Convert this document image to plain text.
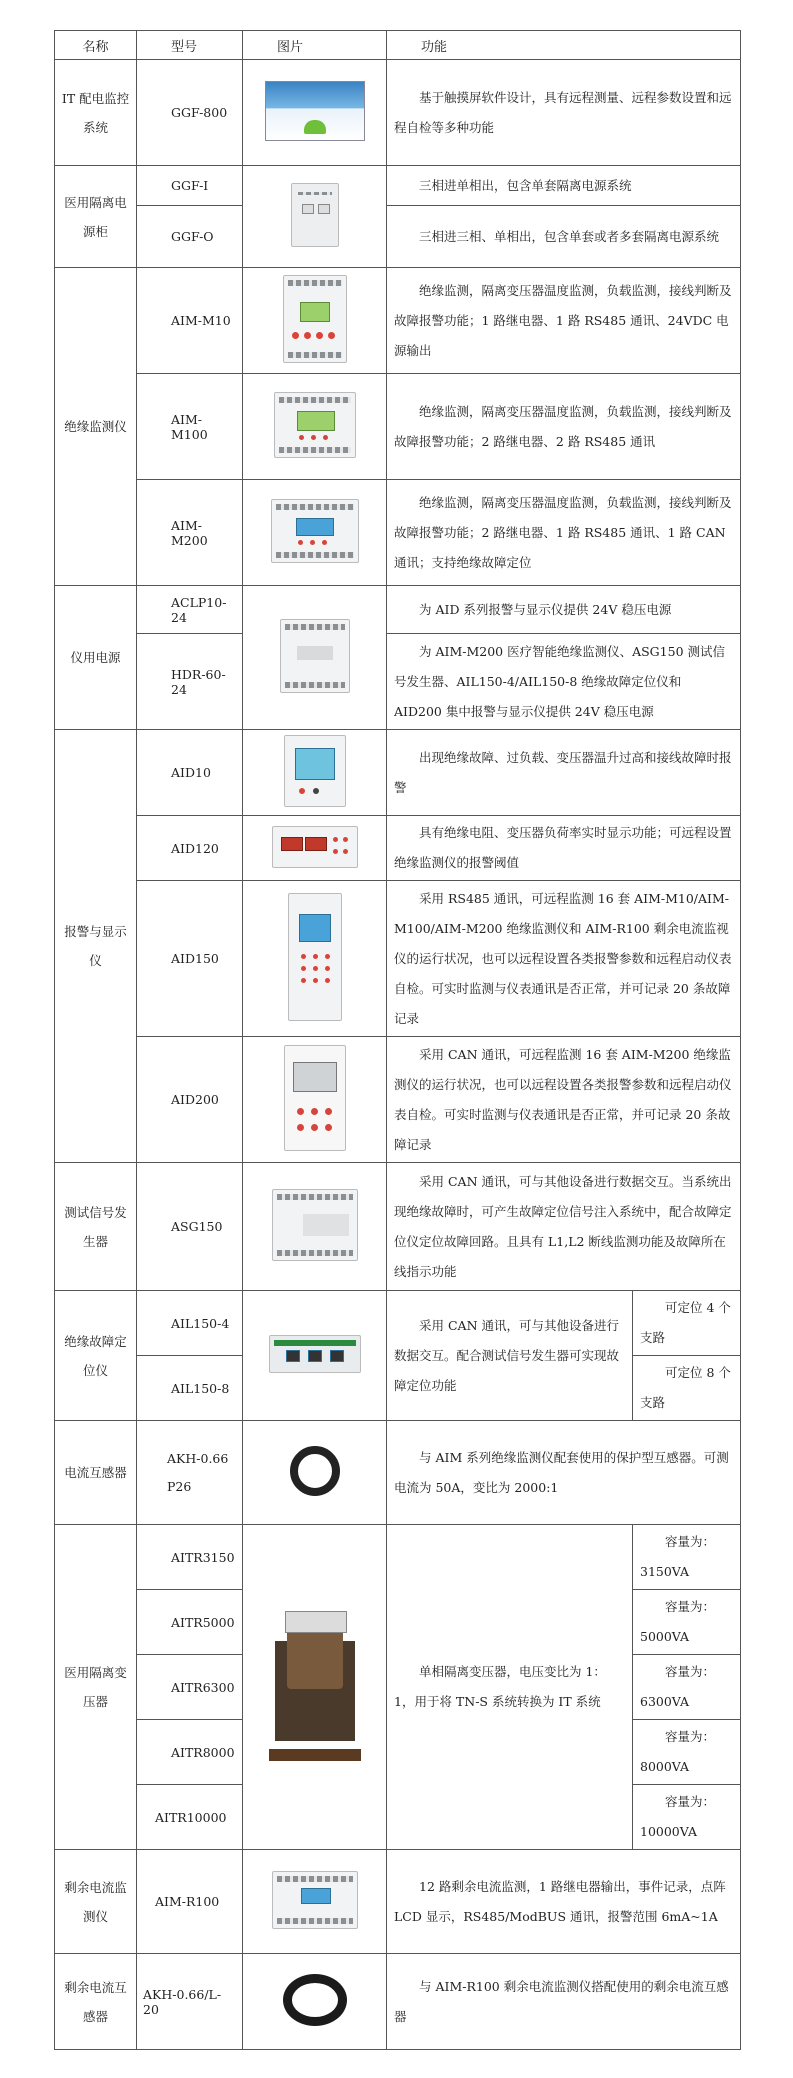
名称	型号	图片	功能	
IT 配电监控系统	GGF-800		基于触摸屏软件设计，具有远程测量、远程参数设置和远程自检等多种功能	
医用隔离电源柜	GGF-I		三相进单相出，包含单套隔离电源系统	
	GGF-O		三相进三相、单相出，包含单套或者多套隔离电源系统	
绝缘监测仪	AIM-M10		绝缘监测，隔离变压器温度监测，负载监测，接线判断及故障报警功能；1 路继电器、1 路 RS485 通讯、24VDC 电源输出	
	AIM-M100		绝缘监测，隔离变压器温度监测，负载监测，接线判断及故障报警功能；2 路继电器、2 路 RS485 通讯	
	AIM-M200		绝缘监测，隔离变压器温度监测，负载监测，接线判断及故障报警功能；2 路继电器、1 路 RS485 通讯、1 路 CAN 通讯；支持绝缘故障定位	
仪用电源	ACLP10-24		为 AID 系列报警与显示仪提供 24V 稳压电源	
	HDR-60-24		为 AIM-M200 医疗智能绝缘监测仪、ASG150 测试信号发生器、AIL150-4/AIL150-8 绝缘故障定位仪和 AID200 集中报警与显示仪提供 24V 稳压电源	
报警与显示仪	AID10		出现绝缘故障、过负载、变压器温升过高和接线故障时报警	
	AID120		具有绝缘电阻、变压器负荷率实时显示功能；可远程设置绝缘监测仪的报警阈值	
	AID150		采用 RS485 通讯，可远程监测 16 套 AIM-M10/AIM-M100/AIM-M200 绝缘监测仪和 AIM-R100 剩余电流监视仪的运行状况，也可以远程设置各类报警参数和远程启动仪表自检。可实时监测与仪表通讯是否正常，并可记录 20 条故障记录	
	AID200		采用 CAN 通讯，可远程监测 16 套 AIM-M200 绝缘监测仪的运行状况，也可以远程设置各类报警参数和远程启动仪表自检。可实时监测与仪表通讯是否正常，并可记录 20 条故障记录	
测试信号发生器	ASG150		采用 CAN 通讯，可与其他设备进行数据交互。当系统出现绝缘故障时，可产生故障定位信号注入系统中，配合故障定位仪定位故障回路。且具有 L1,L2 断线监测功能及故障所在线指示功能	
绝缘故障定位仪	AIL150-4		采用 CAN 通讯，可与其他设备进行数据交互。配合测试信号发生器可实现故障定位功能	可定位 4 个支路
	AIL150-8			可定位 8 个支路
电流互感器	AKH-0.66P26		与 AIM 系列绝缘监测仪配套使用的保护型互感器。可测电流为 50A，变比为 2000:1	
医用隔离变压器	AITR3150		单相隔离变压器，电压变比为 1：1，用于将 TN-S 系统转换为 IT 系统	容量为：3150VA
	AITR5000			容量为：5000VA
	AITR6300			容量为：6300VA
	AITR8000			容量为：8000VA
	AITR10000			容量为：10000VA
剩余电流监测仪	AIM-R100		12 路剩余电流监测，1 路继电器输出，事件记录，点阵 LCD 显示，RS485/ModBUS 通讯，报警范围 6mA~1A	
剩余电流互感器	AKH-0.66/L-20		与 AIM-R100 剩余电流监测仪搭配使用的剩余电流互感器	
